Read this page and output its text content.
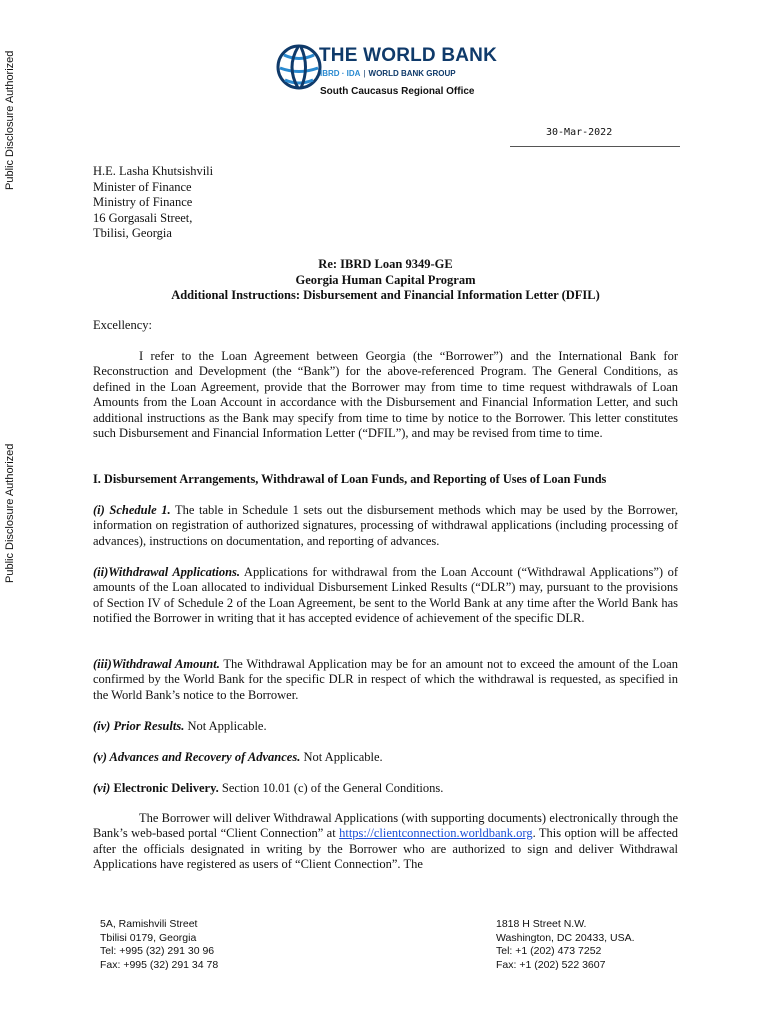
Public Disclosure Authorized
Public Disclosure Authorized
THE WORLD BANK
IBRD · IDA | WORLD BANK GROUP
South Caucasus Regional Office
30-Mar-2022
H.E. Lasha Khutsishvili
Minister of Finance
Ministry of Finance
16 Gorgasali Street,
Tbilisi, Georgia
Re: IBRD Loan 9349-GE
Georgia Human Capital Program
Additional Instructions: Disbursement and Financial Information Letter (DFIL)
Excellency:
I refer to the Loan Agreement between Georgia (the “Borrower”) and the International Bank for Reconstruction and Development (the “Bank”) for the above-referenced Program. The General Conditions, as defined in the Loan Agreement, provide that the Borrower may from time to time request withdrawals of Loan Amounts from the Loan Account in accordance with the Disbursement and Financial Information Letter, and such additional instructions as the Bank may specify from time to time by notice to the Borrower. This letter constitutes such Disbursement and Financial Information Letter (“DFIL”), and may be revised from time to time.
I. Disbursement Arrangements, Withdrawal of Loan Funds, and Reporting of Uses of Loan Funds
(i) Schedule 1. The table in Schedule 1 sets out the disbursement methods which may be used by the Borrower, information on registration of authorized signatures, processing of withdrawal applications (including processing of advances), instructions on documentation, and reporting of advances.
(ii)Withdrawal Applications. Applications for withdrawal from the Loan Account (“Withdrawal Applications”) of amounts of the Loan allocated to individual Disbursement Linked Results (“DLR”) may, pursuant to the provisions of Section IV of Schedule 2 of the Loan Agreement, be sent to the World Bank at any time after the World Bank has notified the Borrower in writing that it has accepted evidence of achievement of the specific DLR.
(iii)Withdrawal Amount. The Withdrawal Application may be for an amount not to exceed the amount of the Loan confirmed by the World Bank for the specific DLR in respect of which the withdrawal is requested, as specified in the World Bank’s notice to the Borrower.
(iv) Prior Results. Not Applicable.
(v) Advances and Recovery of Advances. Not Applicable.
(vi) Electronic Delivery. Section 10.01 (c) of the General Conditions.
The Borrower will deliver Withdrawal Applications (with supporting documents) electronically through the Bank’s web-based portal “Client Connection” at https://clientconnection.worldbank.org. This option will be affected after the officials designated in writing by the Borrower who are authorized to sign and deliver Withdrawal Applications have registered as users of “Client Connection”. The
5A, Ramishvili Street
Tbilisi 0179, Georgia
Tel: +995 (32) 291 30 96
Fax: +995 (32) 291 34 78
1818 H Street N.W.
Washington, DC 20433, USA.
Tel: +1 (202) 473 7252
Fax: +1 (202) 522 3607
